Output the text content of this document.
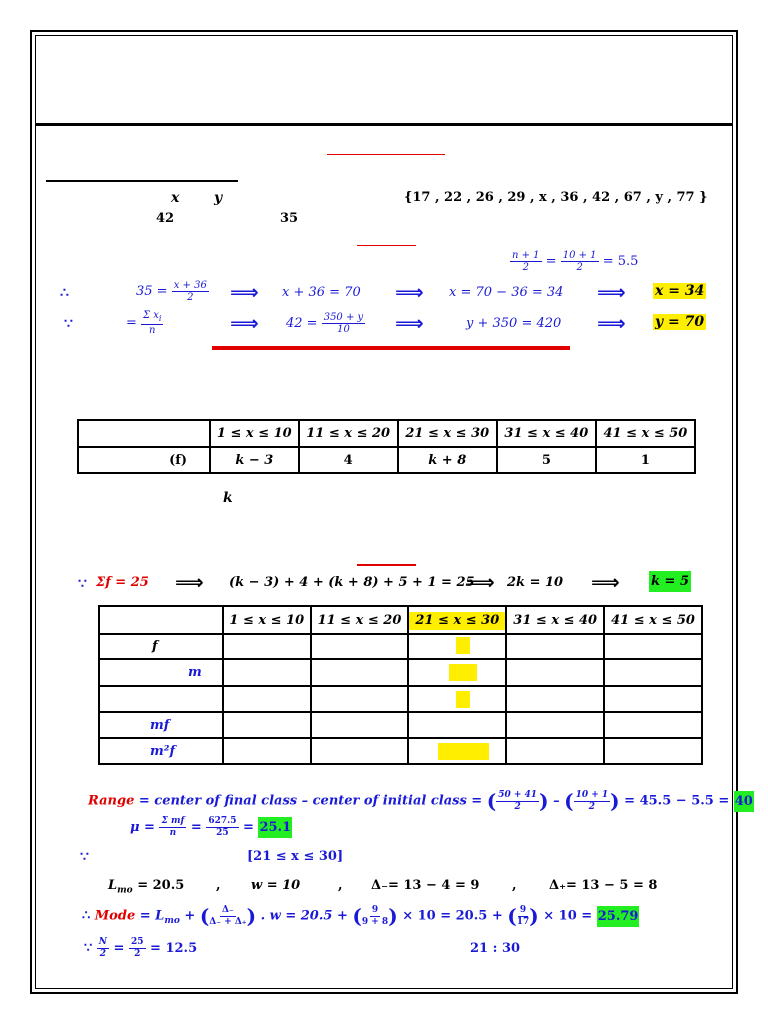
x y
42	35
{17 , 22 , 26 , 29 , x , 36 , 42 , 67 , y , 77 }
$\frac{n + 1}{2} = \frac{10 + 1}{2} = 5.5$
∴	$35 = \frac{x + 36}{2}$ ⟹ x + 36 = 70 ⟹ x = 70 − 36 = 34 ⟹ x = 34
∵	= $\frac{\Sigma x_i}{n}$	⟹ $42 = \frac{350 + y}{10}$ ⟹	y + 350 = 420 ⟹ y = 70
	1 ≤ x ≤ 10	11 ≤ x ≤ 20	21 ≤ x ≤ 30	31 ≤ x ≤ 40	41 ≤ x ≤ 50
(f)	k − 3	4	k + 8	5	1
k
∵ Σf = 25 ⟹ (k − 3) + 4 + (k + 8) + 5 + 1 = 25
⟹ 2k = 10 ⟹ k = 5
	1 ≤ x ≤ 10	11 ≤ x ≤ 20	21 ≤ x ≤ 30	31 ≤ x ≤ 40	41 ≤ x ≤ 50
f					
m					

mf					
m²f					
Range = center of final class – center of initial class = ( $\frac{50 + 41}{2}$ ) – ( $\frac{10 + 1}{2}$ ) = 45.5 − 5.5 = 40
$\mu = \frac{\text{Σ mf}}{n} = \frac{627.5}{25} = 25.1$
∵	[21 ≤ x ≤ 30]
$L_{mo} = 20.5$ , w = 10	, Δ₋= 13 − 4 = 9	, Δ₊= 13 − 5 = 8
∴ Mode = $L_{mo}$ + ( $\frac{\Delta_-}{\Delta_- + \Delta_+}$ ) . w = 20.5 + ( $\frac{9}{9 + 8}$ ) × 10 = 20.5 + ( $\frac{9}{17}$ ) × 10 = 25.79
∵ $\frac{N}{2} = \frac{25}{2} = 12.5$	21 : 30
